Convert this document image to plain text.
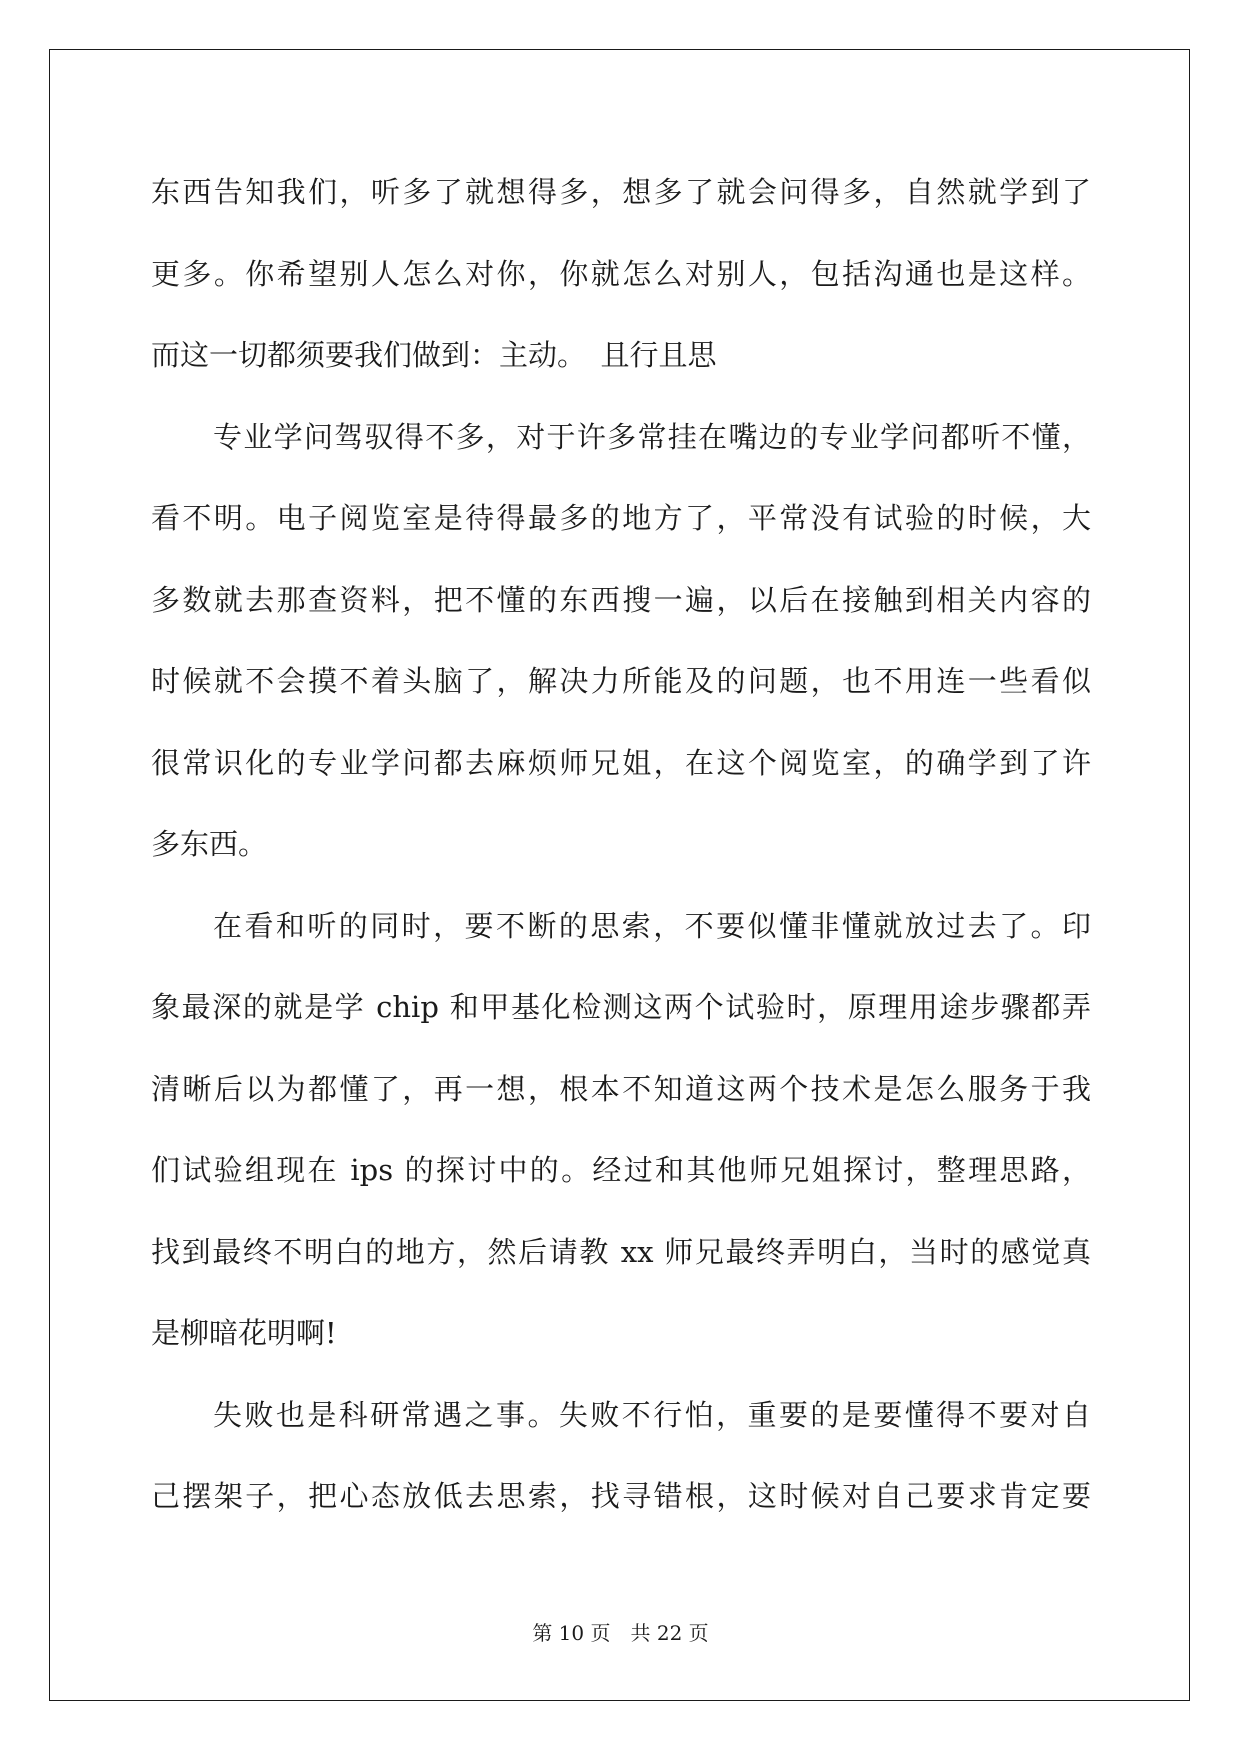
东西告知我们，听多了就想得多，想多了就会问得多，自然就学到了
更多。你希望别人怎么对你，你就怎么对别人，包括沟通也是这样。
而这一切都须要我们做到：主动。　且行且思
专业学问驾驭得不多，对于许多常挂在嘴边的专业学问都听不懂，
看不明。电子阅览室是待得最多的地方了，平常没有试验的时候，大
多数就去那查资料，把不懂的东西搜一遍，以后在接触到相关内容的
时候就不会摸不着头脑了，解决力所能及的问题，也不用连一些看似
很常识化的专业学问都去麻烦师兄姐，在这个阅览室，的确学到了许
多东西。
在看和听的同时，要不断的思索，不要似懂非懂就放过去了。印
象最深的就是学 chip 和甲基化检测这两个试验时，原理用途步骤都弄
清晰后以为都懂了，再一想，根本不知道这两个技术是怎么服务于我
们试验组现在 ips 的探讨中的。经过和其他师兄姐探讨，整理思路，
找到最终不明白的地方，然后请教 xx 师兄最终弄明白，当时的感觉真
是柳暗花明啊!
失败也是科研常遇之事。失败不行怕，重要的是要懂得不要对自
己摆架子，把心态放低去思索，找寻错根，这时候对自己要求肯定要
第 10 页　共 22 页
